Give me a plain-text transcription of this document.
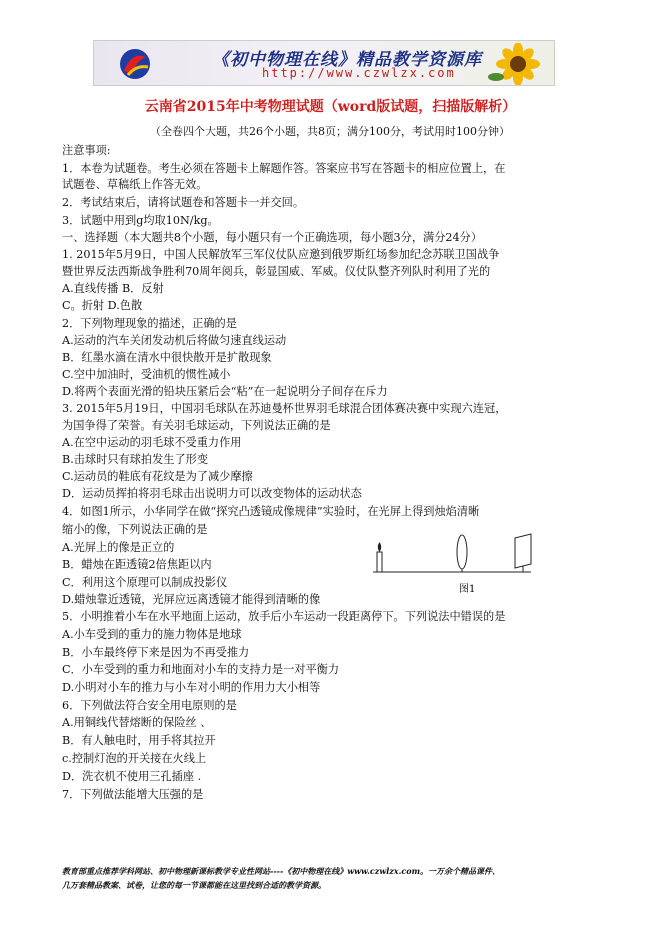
《初中物理在线》精品教学资源库
http://www.czwlzx.com
云南省2015年中考物理试题（word版试题，扫描版解析）
（全卷四个大题，共26个小题，共8页；满分100分，考试用时100分钟）
注意事项:
1．本卷为试题卷。考生必须在答题卡上解题作答。答案应书写在答题卡的相应位置上，在
试题卷、草稿纸上作答无效。
2．考试结束后，请将试题卷和答题卡一并交回。
3．试题中用到g均取10N/kg。
一、选择题（本大题共8个小题，每小题只有一个正确选项，每小题3分，满分24分）
1. 2015年5月9日，中国人民解放军三军仪仗队应邀到俄罗斯红场参加纪念苏联卫国战争
暨世界反法西斯战争胜利70周年阅兵，彰显国威、军威。仪仗队整齐列队时利用了光的
A.直线传播 B．反射
C。折射 D.色散
2．下列物理现象的描述，正确的是
A.运动的汽车关闭发动机后将做匀速直线运动
B．红墨水滴在清水中很快散开是扩散现象
C.空中加油时，受油机的惯性减小
D.将两个表面光滑的铅块压紧后会“粘”在一起说明分子间存在斥力
3. 2015年5月19日，中国羽毛球队在苏迪曼杯世界羽毛球混合团体赛决赛中实现六连冠，
为国争得了荣誉。有关羽毛球运动，下列说法正确的是
A.在空中运动的羽毛球不受重力作用
B.击球时只有球拍发生了形变
C.运动员的鞋底有花纹是为了减少摩擦
D．运动员挥拍将羽毛球击出说明力可以改变物体的运动状态
4．如图1所示，小华同学在做“探究凸透镜成像规律”实验时，在光屏上得到烛焰清晰
缩小的像，下列说法正确的是
A.光屏上的像是正立的
B．蜡烛在距透镜2倍焦距以内
C．利用这个原理可以制成投影仪
D.蜡烛靠近透镜，光屏应远离透镜才能得到清晰的像
5．小明推着小车在水平地面上运动，放手后小车运动一段距离停下。下列说法中错误的是
A.小车受到的重力的施力物体是地球
B．小车最终停下来是因为不再受推力
C．小车受到的重力和地面对小车的支持力是一对平衡力
D.小明对小车的推力与小车对小明的作用力大小相等
6．下列做法符合安全用电原则的是
A.用铜线代替熔断的保险丝 、
B．有人触电时，用手将其拉开
c.控制灯泡的开关接在火线上
D．洗衣机不使用三孔插座 .
7．下列做法能增大压强的是
图1
教育部重点推荐学科网站、初中物理新课标教学专业性网站----《初中物理在线》www.czwlzx.com。一万余个精品课件、
几万套精品教案、试卷，让您的每一节课都能在这里找到合适的教学资源。
